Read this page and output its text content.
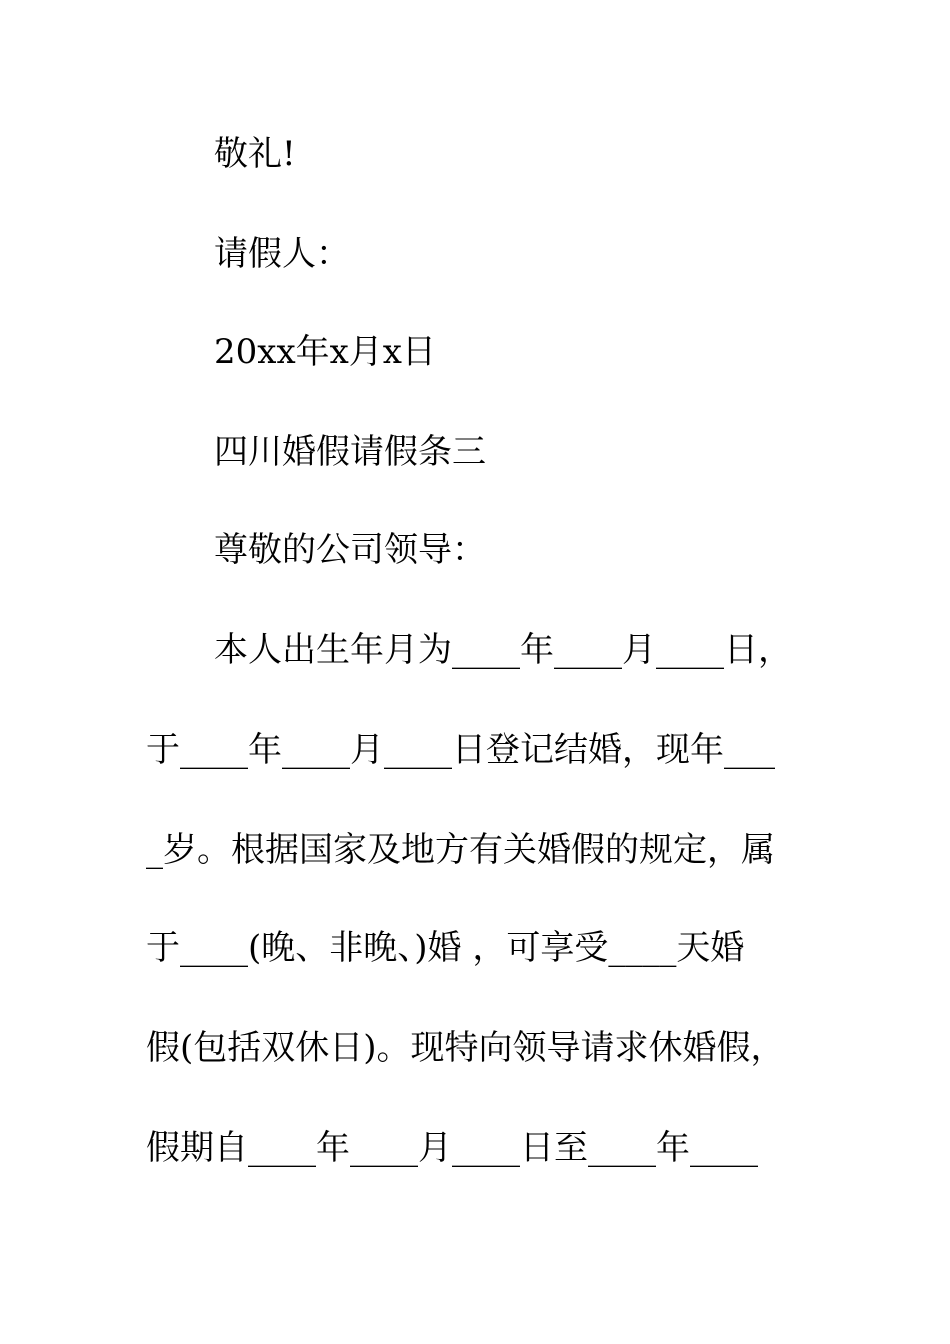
敬礼!
请假人：
20xx年x月x日
四川婚假请假条三
尊敬的公司领导：
本人出生年月为____年____月____日，
于____年____月____日登记结婚，现年___
_岁。根据国家及地方有关婚假的规定，属
于____(晚、非晚、)婚 ，可享受____天婚
假(包括双休日)。现特向领导请求休婚假，
假期自____年____月____日至____年____
